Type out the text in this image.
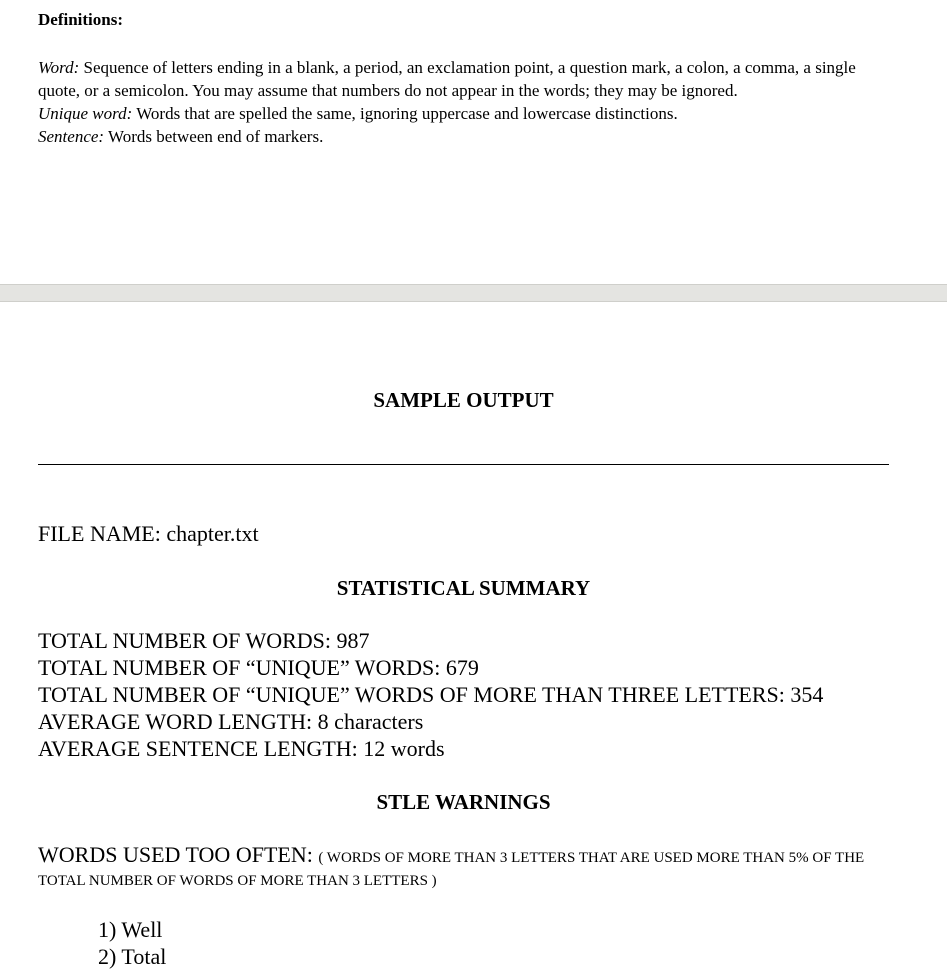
Definitions:

Word: Sequence of letters ending in a blank, a period, an exclamation point, a question mark, a colon, a comma, a single quote, or a semicolon. You may assume that numbers do not appear in the words; they may be ignored.

Unique word: Words that are spelled the same, ignoring uppercase and lowercase distinctions.

Sentence: Words between end of markers.

SAMPLE OUTPUT
FILE NAME: chapter.txt
STATISTICAL SUMMARY
TOTAL NUMBER OF WORDS: 987
TOTAL NUMBER OF “UNIQUE” WORDS: 679
TOTAL NUMBER OF “UNIQUE” WORDS OF MORE THAN THREE LETTERS: 354
AVERAGE WORD LENGTH: 8 characters
AVERAGE SENTENCE LENGTH: 12 words
STLE WARNINGS
WORDS USED TOO OFTEN: ( WORDS OF MORE THAN 3 LETTERS THAT ARE USED MORE THAN 5% OF THE TOTAL NUMBER OF WORDS OF MORE THAN 3 LETTERS )
1) Well
2) Total
